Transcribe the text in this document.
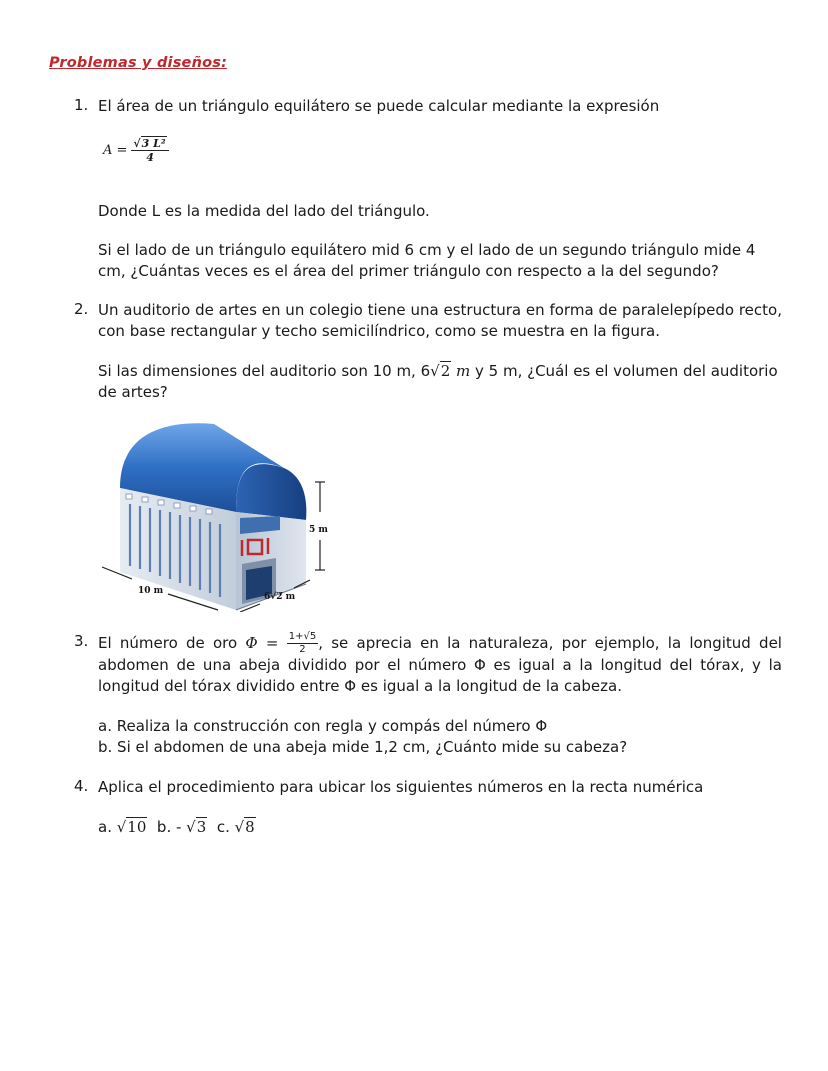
Problemas y diseños:
1. El área de un triángulo equilátero se puede calcular mediante la expresión
$A = \frac{\text{√3 L²}}{4}$
Donde L es la medida del lado del triángulo.
Si el lado de un triángulo equilátero mid 6 cm y el lado de un segundo triángulo mide 4 cm, ¿Cuántas veces es el área del primer triángulo con respecto a la del segundo?
2. Un auditorio de artes en un colegio tiene una estructura en forma de paralelepípedo recto, con base rectangular y techo semicilíndrico, como se muestra en la figura.
Si las dimensiones del auditorio son 10 m, 6√2 m y 5 m, ¿Cuál es el volumen del auditorio de artes?
5 m
10 m
6√2 m
3. El número de oro $\Phi = \frac{1+√5}{2}$ , se aprecia en la naturaleza, por ejemplo, la longitud del abdomen de una abeja dividido por el número Φ es igual a la longitud del tórax, y la longitud del tórax dividido entre Φ es igual a la longitud de la cabeza.
a. Realiza la construcción con regla y compás del número Φ
b. Si el abdomen de una abeja mide 1,2 cm, ¿Cuánto mide su cabeza?
4. Aplica el procedimiento para ubicar los siguientes números en la recta numérica
a. √10  b. - √3  c. √8
